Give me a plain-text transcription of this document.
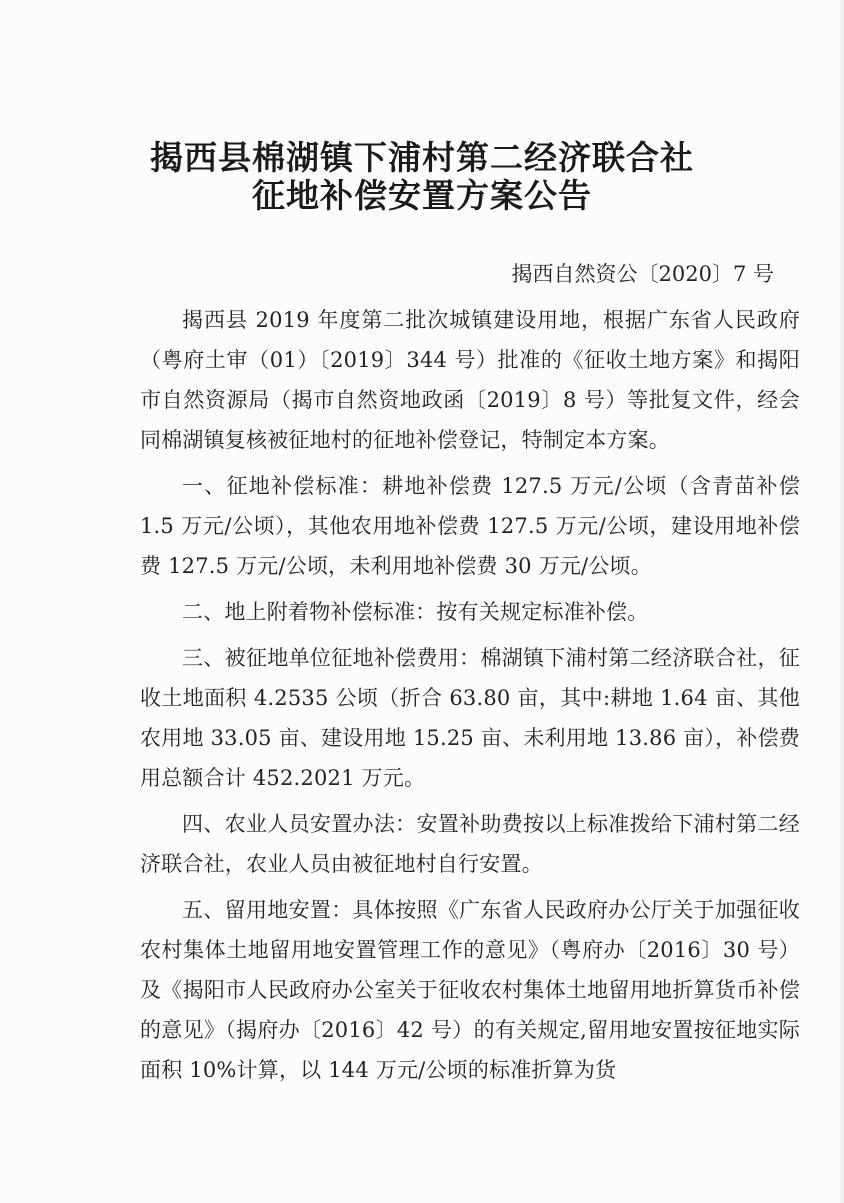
揭西县棉湖镇下浦村第二经济联合社
征地补偿安置方案公告
揭西自然资公〔2020〕7 号

揭西县 2019 年度第二批次城镇建设用地，根据广东省人民政府（粤府土审（01）〔2019〕344 号）批准的《征收土地方案》和揭阳市自然资源局（揭市自然资地政函〔2019〕8 号）等批复文件，经会同棉湖镇复核被征地村的征地补偿登记，特制定本方案。

一、征地补偿标准：耕地补偿费 127.5 万元/公顷（含青苗补偿 1.5 万元/公顷），其他农用地补偿费 127.5 万元/公顷，建设用地补偿费 127.5 万元/公顷，未利用地补偿费 30 万元/公顷。

二、地上附着物补偿标准：按有关规定标准补偿。

三、被征地单位征地补偿费用：棉湖镇下浦村第二经济联合社，征收土地面积 4.2535 公顷（折合 63.80 亩，其中:耕地 1.64 亩、其他农用地 33.05 亩、建设用地 15.25 亩、未利用地 13.86 亩），补偿费用总额合计 452.2021 万元。

四、农业人员安置办法：安置补助费按以上标准拨给下浦村第二经济联合社，农业人员由被征地村自行安置。

五、留用地安置：具体按照《广东省人民政府办公厅关于加强征收农村集体土地留用地安置管理工作的意见》（粤府办〔2016〕30 号）及《揭阳市人民政府办公室关于征收农村集体土地留用地折算货币补偿的意见》（揭府办〔2016〕42 号）的有关规定,留用地安置按征地实际面积 10%计算，以 144 万元/公顷的标准折算为货
